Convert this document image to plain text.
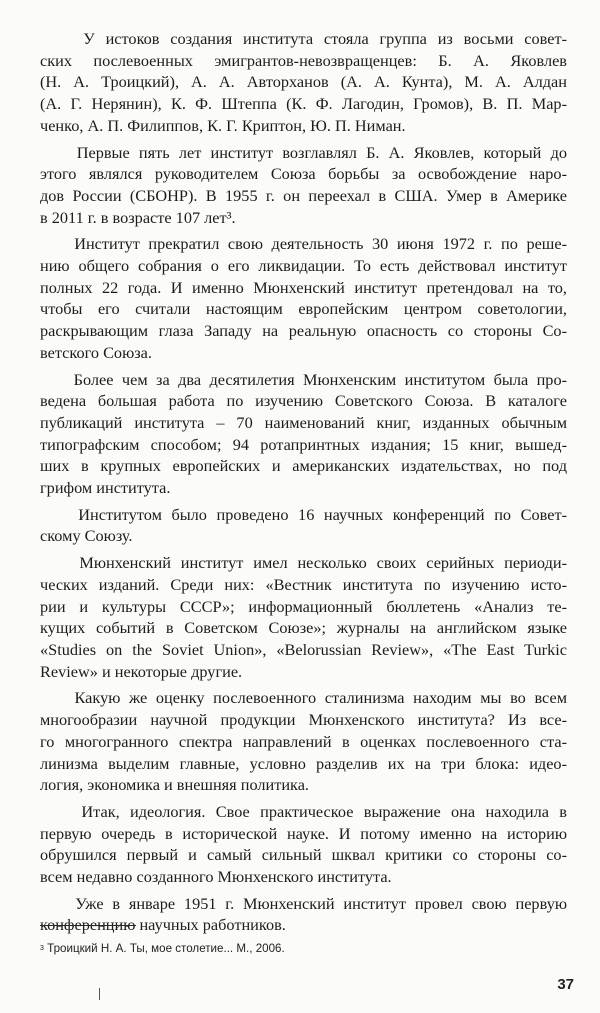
У истоков создания института стояла группа из восьми совет-
ских послевоенных эмигрантов-невозвращенцев: Б. А. Яковлев
(Н. А. Троицкий), А. А. Авторханов (А. А. Кунта), М. А. Алдан
(А. Г. Нерянин), К. Ф. Штеппа (К. Ф. Лагодин, Громов), В. П. Мар-
ченко, А. П. Филиппов, К. Г. Криптон, Ю. П. Ниман.

Первые пять лет институт возглавлял Б. А. Яковлев, который до
этого являлся руководителем Союза борьбы за освобождение наро-
дов России (СБОНР). В 1955 г. он переехал в США. Умер в Америке
в 2011 г. в возрасте 107 лет³.

Институт прекратил свою деятельность 30 июня 1972 г. по реше-
нию общего собрания о его ликвидации. То есть действовал институт
полных 22 года. И именно Мюнхенский институт претендовал на то,
чтобы его считали настоящим европейским центром советологии,
раскрывающим глаза Западу на реальную опасность со стороны Со-
ветского Союза.

Более чем за два десятилетия Мюнхенским институтом была про-
ведена большая работа по изучению Советского Союза. В каталоге
публикаций института – 70 наименований книг, изданных обычным
типографским способом; 94 ротапринтных издания; 15 книг, вышед-
ших в крупных европейских и американских издательствах, но под
грифом института.

Институтом было проведено 16 научных конференций по Совет-
скому Союзу.

Мюнхенский институт имел несколько своих серийных периоди-
ческих изданий. Среди них: «Вестник института по изучению исто-
рии и культуры СССР»; информационный бюллетень «Анализ те-
кущих событий в Советском Союзе»; журналы на английском языке
«Studies on the Soviet Union», «Belorussian Review», «The East Turkic
Review» и некоторые другие.

Какую же оценку послевоенного сталинизма находим мы во всем
многообразии научной продукции Мюнхенского института? Из все-
го многогранного спектра направлений в оценках послевоенного ста-
линизма выделим главные, условно разделив их на три блока: идео-
логия, экономика и внешняя политика.

Итак, идеология. Свое практическое выражение она находила в
первую очередь в исторической науке. И потому именно на историю
обрушился первый и самый сильный шквал критики со стороны со-
всем недавно созданного Мюнхенского института.

Уже в январе 1951 г. Мюнхенский институт провел свою первую
конференцию научных работников.

$^3$ Троицкий Н. А. Ты, мое столетие... М., 2006.
37
